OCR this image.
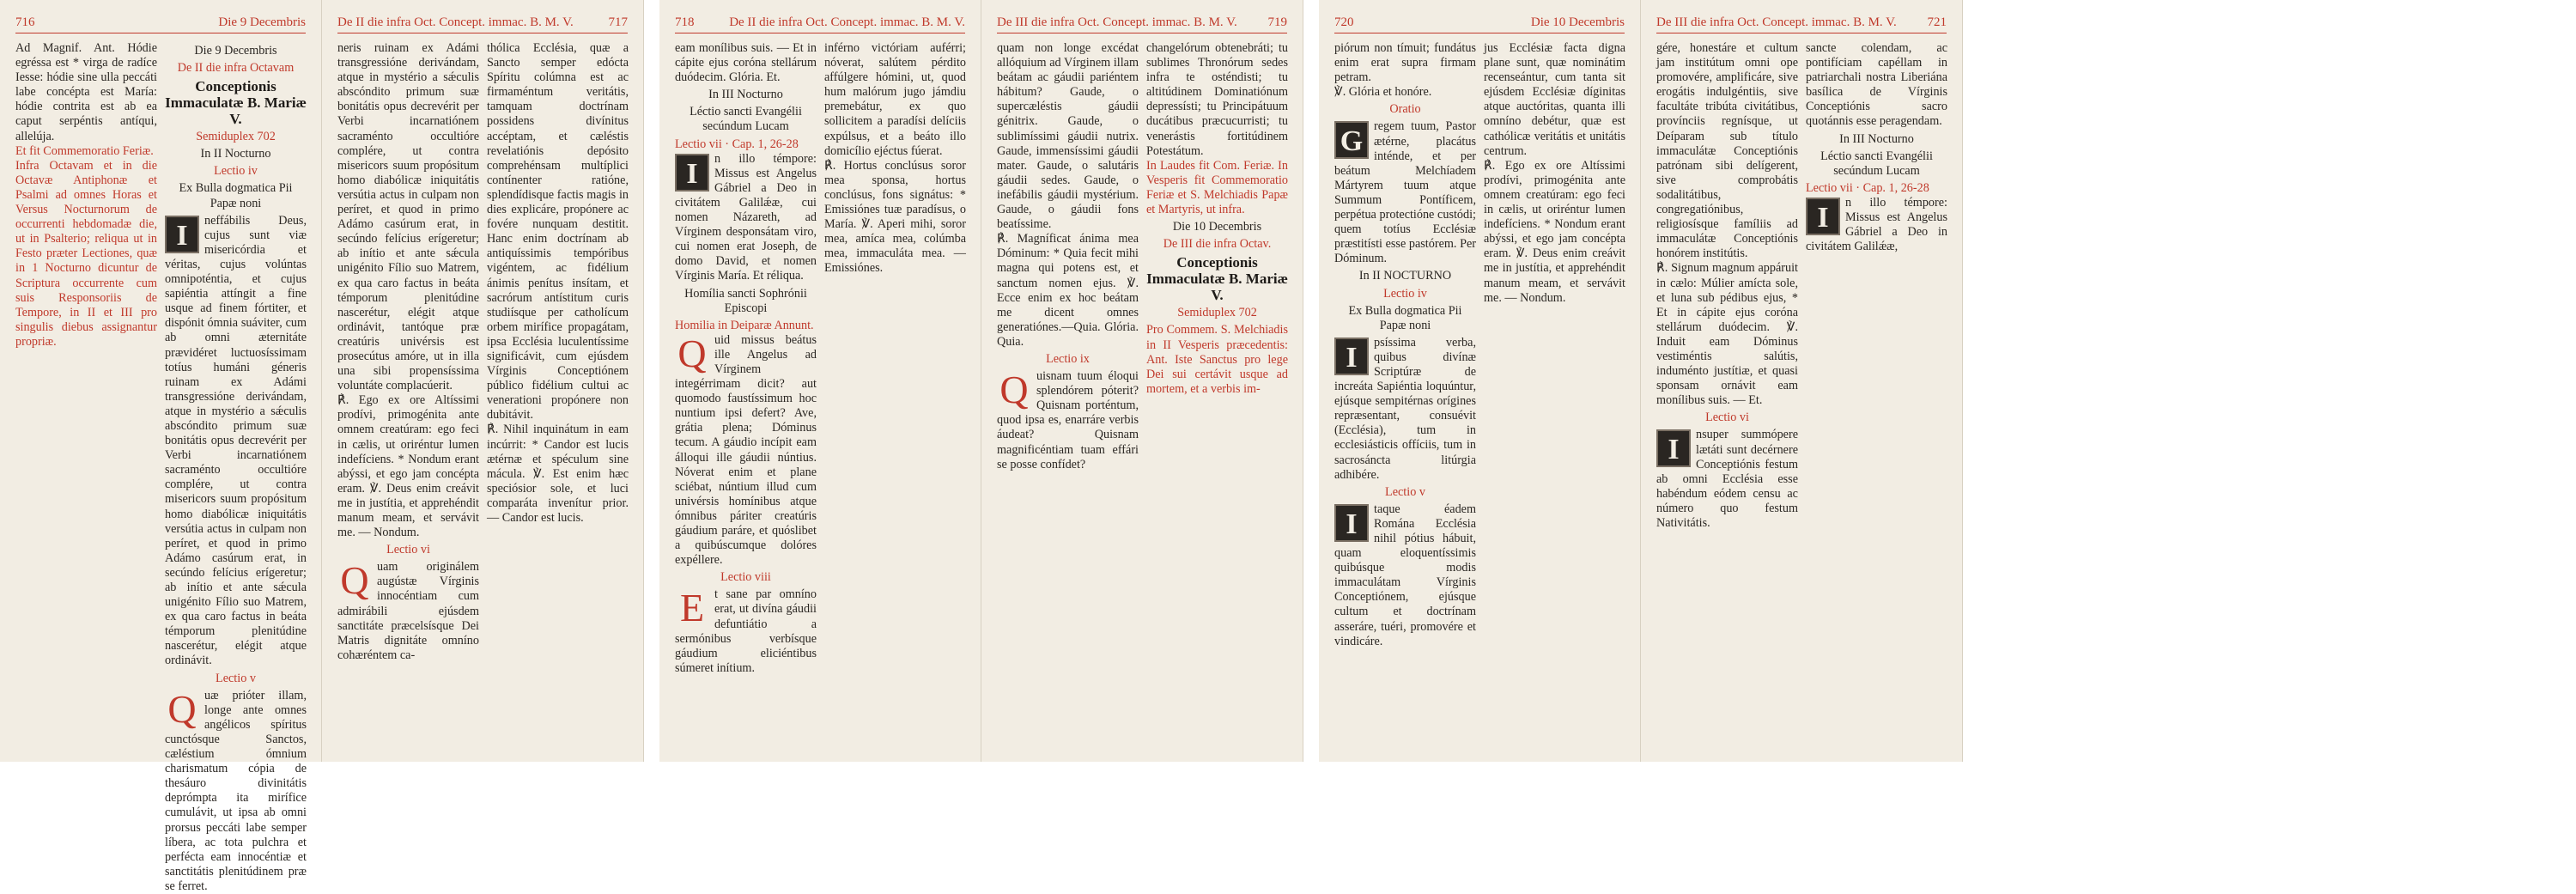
716	Die 9 Decembris

Ad Magnif. Ant. Hódie egréssa est * virga de radíce Iesse: hódie sine ulla peccáti labe concépta est María: hódie contrita est ab ea caput serpéntis antíqui, allelúja.

Et fit Commemoratio Feriæ.

Infra Octavam et in die Octavæ Antiphonæ et Psalmi ad omnes Horas et Versus Nocturnorum de occurrenti hebdomadæ die, ut in Psalterio; reliqua ut in Festo præter Lectiones, quæ in 1 Nocturno dicuntur de Scriptura occurrente cum suis Responsoriis de Tempore, in II et III pro singulis diebus assignantur propriæ.

Die 9 Decembris

De II die infra Octavam

Conceptionis Immaculatæ B. Mariæ V.

Semiduplex 702

In II Nocturno

Lectio iv

Ex Bulla dogmatica Pii Papæ noni

I	neffábilis Deus, cujus sunt viæ misericórdia et véritas, cujus volúntas omnipoténtia, et cujus sapiéntia attíngit a fine usque ad finem fórtiter, et dispónit ómnia suáviter, cum ab omni æternitáte prævidéret luctuosíssimam totíus humáni géneris ruinam ex Adámi transgressióne derivándam, atque in mystério a sǽculis abscóndito primum suæ bonitátis opus decrevérit per Verbi incarnatiónem sacraménto occultióre complére, ut contra misericors suum propósitum homo diabólicæ iniquitátis versútia actus in culpam non períret, et quod in primo Adámo casúrum erat, in secúndo felícius erígeretur; ab inítio et ante sǽcula unigénito Fílio suo Matrem, ex qua caro factus in beáta témporum plenitúdine nascerétur, elégit atque ordinávit.

Lectio v

Quæ prióter illam, longe ante omnes angélicos spíritus cunctósque Sanctos, cæléstium ómnium charismatum cópia de thesáuro divinitátis deprómpta ita mirífice cumulávit, ut ipsa ab omni prorsus peccáti labe semper líbera, ac tota pulchra et perfécta eam innocéntiæ et sanctitátis plenitúdinem præ se ferret.

De II die infra Oct. Concept. immac. B. M. V.	717

neris ruinam ex Adámi transgressióne derivándam, atque in mystério a sǽculis abscóndito primum suæ bonitátis opus decrevérit per Verbi incarnatiónem sacraménto occultióre complére, ut contra misericors suum propósitum homo diabólicæ iniquitátis versútia actus in culpam non períret, et quod in primo Adámo casúrum erat, in secúndo felícius erígeretur; ab inítio et ante sǽcula unigénito Fílio suo Matrem, ex qua caro factus in beáta témporum plenitúdine nascerétur, elégit atque ordinávit, tantóque præ creatúris univérsis est prosecútus amóre, ut in illa una sibi propensíssima voluntáte complacúerit.

℟. Ego ex ore Altíssimi prodívi, primogénita ante omnem creatúram: ego feci in cælis, ut oriréntur lumen indefíciens. * Nondum erant abýssi, et ego jam concépta eram. ℣. Deus enim creávit me in justítia, et apprehéndit manum meam, et servávit me. — Nondum.

Lectio vi

Quam originálem augústæ Vírginis innocéntiam cum admirábili ejúsdem sanctitáte præcelsísque Dei Matris dignitáte omníno cohæréntem ca-

thólica Ecclésia, quæ a Sancto semper edócta Spíritu colúmna est ac firmaméntum veritátis, tamquam doctrínam possidens divínitus accéptam, et cæléstis revelatiónis depósito comprehénsam multíplici contínenter ratióne, splendídisque factis magis in dies explicáre, propónere ac fovére nunquam destitit. Hanc enim doctrínam ab antiquíssimis tempóribus vigéntem, ac fidélium ánimis penítus insítam, et sacrórum antístitum curis studiísque per catholícum orbem mirífice propagátam, ipsa Ecclésia luculentíssime significávit, cum ejúsdem Vírginis Conceptiónem público fidélium cultui ac venerationi propónere non dubitávit.

℟. Nihil inquinátum in eam incúrrit: * Candor est lucis ætérnæ et spéculum sine mácula. ℣. Est enim hæc speciósior sole, et luci comparáta invenítur prior. — Candor est lucis.

718	De II die infra Oct. Concept. immac. B. M. V.

eam monílibus suis. — Et in cápite ejus coróna stellárum duódecim. Glória. Et.

In III Nocturno

Léctio sancti Evangélii secúndum Lucam

Lectio vii · Cap. 1, 26-28

I	n illo témpore: Missus est Angelus Gábriel a Deo in civitátem Galilǽæ, cui nomen Názareth, ad Vírginem desponsátam viro, cui nomen erat Joseph, de domo David, et nomen Vírginis María. Et réliqua.

Homília sancti Sophrónii Episcopi

Homilia in Deiparæ Annunt.

Quid missus beátus ille Angelus ad Vírginem integérrimam dicit? aut quomodo faustíssimum hoc nuntium ipsi defert? Ave, grátia plena; Dóminus tecum. A gáudio incípit eam álloqui ille gáudii núntius. Nóverat enim et plane sciébat, núntium illud cum univérsis homínibus atque ómnibus páriter creatúris gáudium paráre, et quóslibet a quibúscumque dolóres expéllere.

Lectio viii

Et sane par omníno erat, ut divína gáudii defuntiátio a sermónibus verbísque gáudium eliciéntibus súmeret inítium.

inférno victóriam auférri; nóverat, salútem pérdito affúlgere hómini, ut, quod hum malórum jugo jámdiu premebátur, ex quo sollicitem a paradísi delíciis expúlsus, et a beáto illo domicílio ejéctus fúerat.

℟. Hortus conclúsus soror mea sponsa, hortus conclúsus, fons signátus: * Emissiónes tuæ paradísus, o María. ℣. Aperi mihi, soror mea, amíca mea, colúmba mea, immaculáta mea. — Emissiónes.

De III die infra Oct. Concept. immac. B. M. V. 719

quam non longe excédat allóquium ad Vírginem illam beátam ac gáudii pariéntem hábitum? Gaude, o supercæléstis gáudii génitrix. Gaude, o sublimíssimi gáudii nutrix. Gaude, immensíssimi gáudii mater. Gaude, o salutáris gáudii sedes. Gaude, o inefábilis gáudii mystérium. Gaude, o gáudii fons beatíssime.

℟. Magníficat ánima mea Dóminum: * Quia fecit mihi magna qui potens est, et sanctum nomen ejus. ℣. Ecce enim ex hoc beátam me dicent omnes generatiónes.—Quia. Glória. Quia.

Lectio ix

Quisnam tuum éloqui splendórem póterit? Quisnam porténtum, quod ipsa es, enarráre verbis áudeat? Quisnam magnificéntiam tuam effári se posse confídet?

changelórum obtenebráti; tu sublimes Thronórum sedes infra te osténdisti; tu altitúdinem Dominatiónum depressísti; tu Principátuum ducátibus præcucurristi; tu venerástis fortitúdinem Potestátum.

In Laudes fit Com. Feriæ. In Vesperis fit Commemoratio Feriæ et S. Melchiadis Papæ et Martyris, ut infra.

Die 10 Decembris

De III die infra Octav.

Conceptionis Immaculatæ B. Mariæ V.

Semiduplex 702

Pro Commem. S. Melchiadis in II Vesperis præcedentis: Ant. Iste Sanctus pro lege Dei sui certávit usque ad mortem, et a verbis im-

720	Die 10 Decembris

piórum non tímuit; fundátus enim erat supra firmam petram.

℣. Glória et honóre.

Oratio

G regem tuum, Pastor ætérne, placátus inténde, et per beátum Melchíadem Mártyrem tuum atque Summum Pontíficem, perpétua protectióne custódi; quem totíus Ecclésiæ præstitísti esse pastórem. Per Dóminum.

In II NOCTURNO

Lectio iv

Ex Bulla dogmatica Pii Papæ noni

I	psíssima verba, quibus divínæ Scriptúræ de increáta Sapiéntia loquúntur, ejúsque sempitérnas orígines repræsentant, consuévit (Ecclésia), tum in ecclesiásticis offíciis, tum in sacrosáncta litúrgia adhibére.

Lectio v

I	taque éadem Románа Ecclésia nihil pótius hábuit, quam eloquentíssimis quibúsque modis immaculátam Vírginis Conceptiónem, ejúsque cultum et doctrínam asseráre, tuéri, promovére et vindicáre.

jus Ecclésiæ facta digna plane sunt, quæ nominátim recenseántur, cum tanta sit ejúsdem Ecclésiæ díginitas atque auctóritas, quanta illi omníno debétur, quæ est cathólicæ veritátis et unitátis centrum.

℟. Ego ex ore Altíssimi prodívi, primogénita ante omnem creatúram: ego feci in cælis, ut oriréntur lumen indefíciens. * Nondum erant abýssi, et ego jam concépta eram. ℣. Deus enim creávit me in justítia, et apprehéndit manum meam, et servávit me. — Nondum.

De III die infra Oct. Concept. immac. B. M. V. 721

gére, honestáre et cultum jam institútum omni ope promovére, amplificáre, sive erogátis indulgéntiis, sive facultáte tribúta civitátibus, provínciis regnísque, ut Deíparam sub título immaculátæ Conceptiónis patrónam sibi delígerent, sive comprobátis sodalitátibus, congregatiónibus, religiosísque famíliis ad immaculátæ Conceptiónis honórem institútis.

℟. Signum magnum appáruit in cælo: Múlier amícta sole, et luna sub pédibus ejus, * Et in cápite ejus coróna stellárum duódecim. ℣. Induit eam Dóminus vestiméntis salútis, induménto justítiæ, et quasi sponsam ornávit eam monílibus suis. — Et.

Lectio vi

I	nsuper summópere lætáti sunt decérnere Conceptiónis festum ab omni Ecclésia esse habéndum eódem censu ac número quo festum Nativitátis.

sancte colendam, ac pontifíciam capéllam in patriarchali nostra Liberiána basílica de Vírginis Conceptiónis sacro quotánnis esse peragendam.

In III Nocturno

Léctio sancti Evangélii secúndum Lucam

Lectio vii · Cap. 1, 26-28

I	n illo témpore: Missus est Angelus Gábriel a Deo in civitátem Galilǽæ,
